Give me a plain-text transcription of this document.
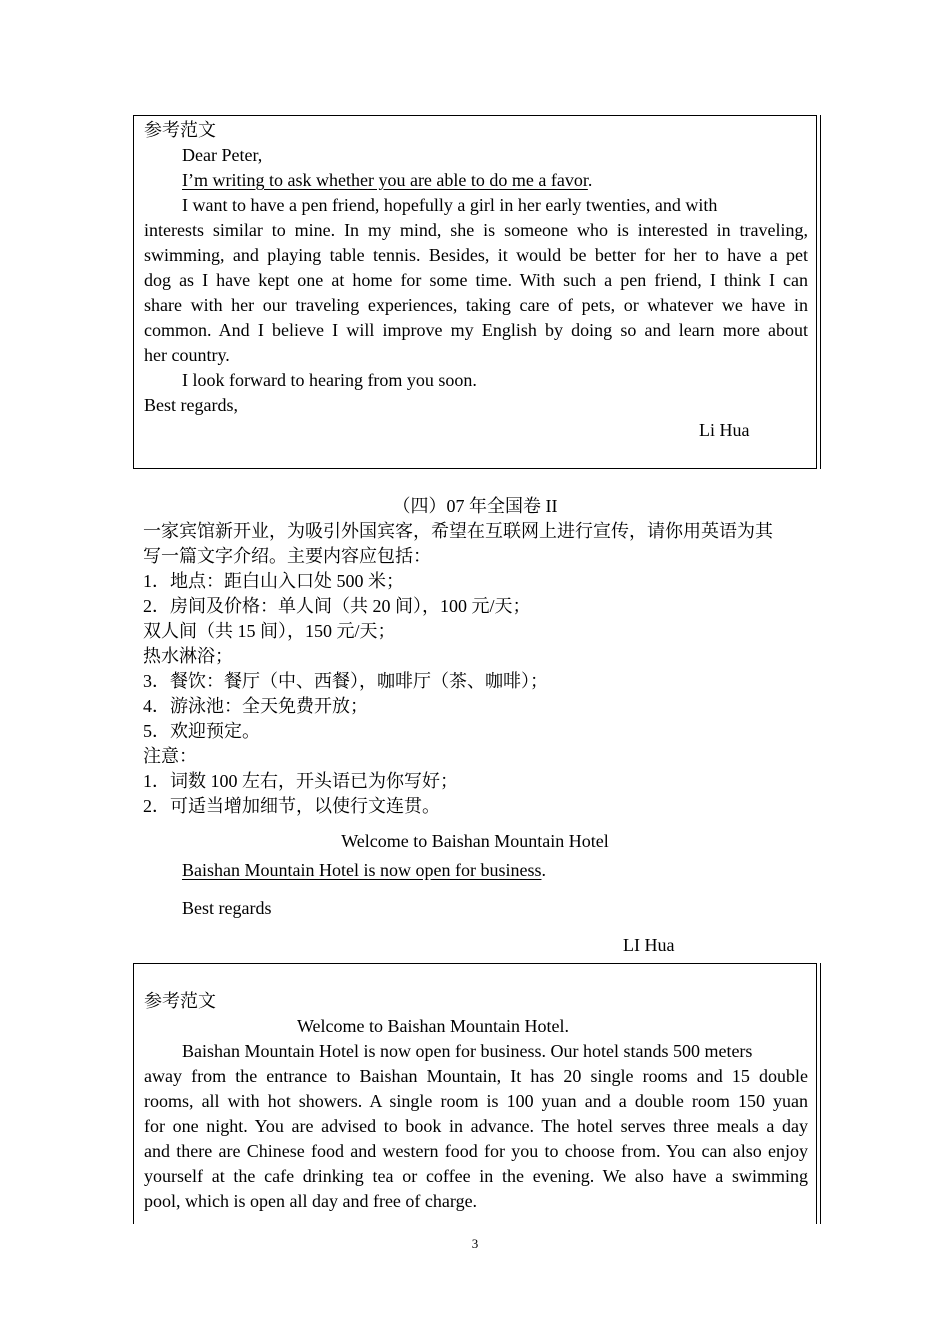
参考范文
Dear Peter,
I’m writing to ask whether you are able to do me a favor.
I want to have a pen friend, hopefully a girl in her early twenties, and with
interests similar to mine. In my mind, she is someone who is interested in traveling,
swimming, and playing table tennis. Besides, it would be better for her to have a pet
dog as I have kept one at home for some time. With such a pen friend, I think I can
share with her our traveling experiences, taking care of pets, or whatever we have in
common. And I believe I will improve my English by doing so and learn more about
her country.
I look forward to hearing from you soon.
Best regards,
Li Hua
（四）07 年全国卷 II
一家宾馆新开业，为吸引外国宾客，希望在互联网上进行宣传，请你用英语为其
写一篇文字介绍。主要内容应包括：
1．地点：距白山入口处 500 米；
2．房间及价格：单人间（共 20 间），100 元/天；
双人间（共 15 间），150 元/天；
热水淋浴；
3．餐饮：餐厅（中、西餐），咖啡厅（茶、咖啡）；
4．游泳池：全天免费开放；
5．欢迎预定。
注意：
1．词数 100 左右，开头语已为你写好；
2．可适当增加细节，以使行文连贯。
Welcome to Baishan Mountain Hotel
Baishan Mountain Hotel is now open for business.
Best regards
LI Hua
参考范文
Welcome to Baishan Mountain Hotel.
Baishan Mountain Hotel is now open for business. Our hotel stands 500 meters
away from the entrance to Baishan Mountain, It has 20 single rooms and 15 double
rooms, all with hot showers. A single room is 100 yuan and a double room 150 yuan
for one night. You are advised to book in advance. The hotel serves three meals a day
and there are Chinese food and western food for you to choose from. You can also enjoy
yourself at the cafe drinking tea or coffee in the evening. We also have a swimming
pool, which is open all day and free of charge.
3
